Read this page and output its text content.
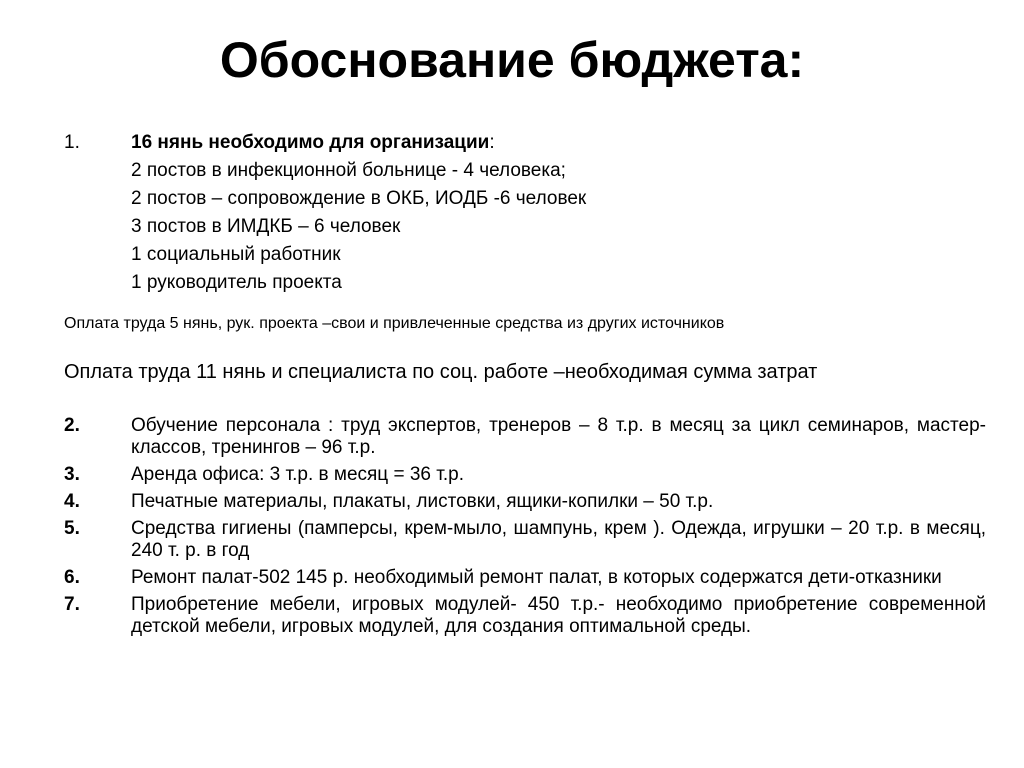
Обоснование бюджета:
1.	16 нянь необходимо для организации:
2 постов в инфекционной больнице - 4 человека;
2 постов – сопровождение в ОКБ, ИОДБ -6 человек
3 постов в ИМДКБ – 6 человек
1 социальный работник
1 руководитель проекта
Оплата труда 5 нянь, рук. проекта –свои и привлеченные средства из других источников
Оплата труда 11 нянь и специалиста по соц. работе –необходимая сумма затрат
2.	Обучение персонала : труд экспертов, тренеров – 8 т.р. в месяц за цикл семинаров, мастер-классов, тренингов – 96 т.р.
3.	Аренда офиса: 3 т.р. в месяц = 36 т.р.
4.	Печатные материалы, плакаты, листовки, ящики-копилки – 50 т.р.
5.	Средства гигиены (памперсы, крем-мыло, шампунь, крем ). Одежда, игрушки – 20 т.р. в месяц, 240 т. р. в год
6.	Ремонт палат-502 145 р. необходимый ремонт палат, в которых содержатся дети-отказники
7.	Приобретение мебели, игровых модулей- 450 т.р.- необходимо приобретение современной детской мебели, игровых модулей, для создания оптимальной среды.
